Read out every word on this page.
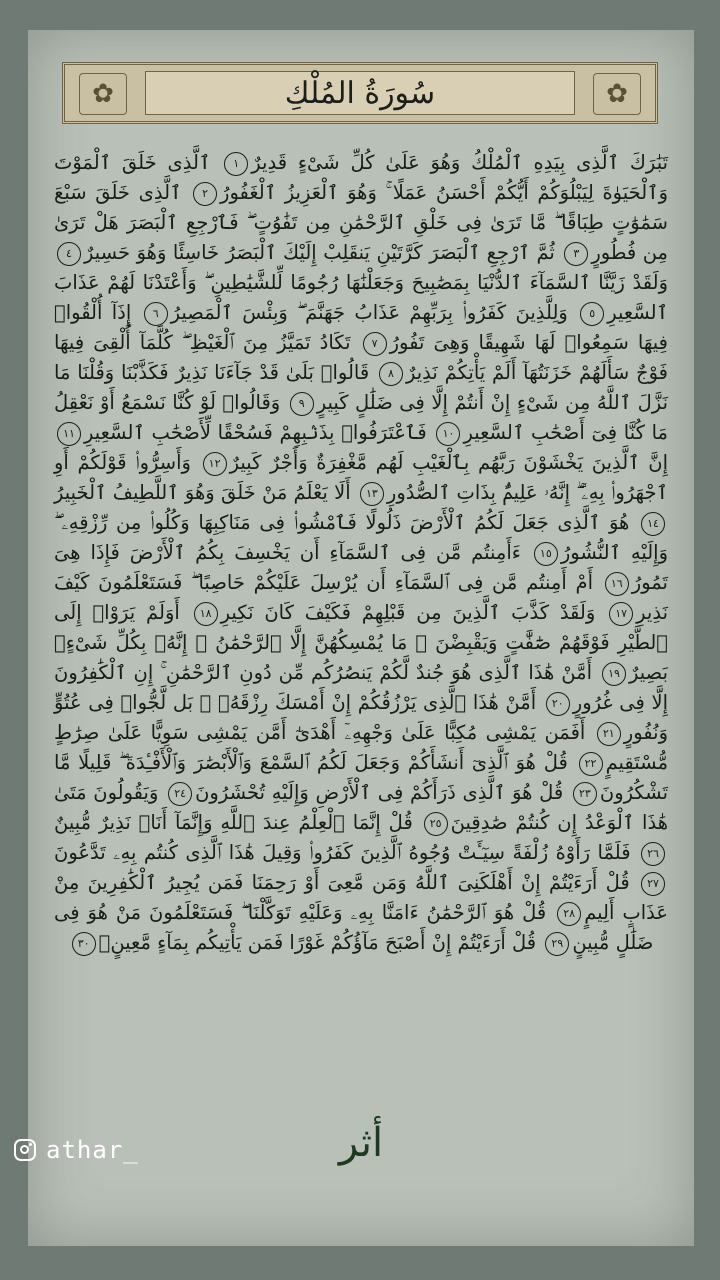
✿	سُورَةُ المُلْكِ	✿
تَبَٰرَكَ ٱلَّذِى بِيَدِهِ ٱلْمُلْكُ وَهُوَ عَلَىٰ كُلِّ شَىْءٍ قَدِيرٌ١ ٱلَّذِى خَلَقَ ٱلْمَوْتَ وَٱلْحَيَوٰةَ لِيَبْلُوَكُمْ أَيُّكُمْ أَحْسَنُ عَمَلًا ۚ وَهُوَ ٱلْعَزِيزُ ٱلْغَفُورُ٢ ٱلَّذِى خَلَقَ سَبْعَ سَمَٰوَٰتٍ طِبَاقًا ۖ مَّا تَرَىٰ فِى خَلْقِ ٱلرَّحْمَٰنِ مِن تَفَٰوُتٍ ۖ فَٱرْجِعِ ٱلْبَصَرَ هَلْ تَرَىٰ مِن فُطُورٍ٣ ثُمَّ ٱرْجِعِ ٱلْبَصَرَ كَرَّتَيْنِ يَنقَلِبْ إِلَيْكَ ٱلْبَصَرُ خَاسِئًا وَهُوَ حَسِيرٌ٤ وَلَقَدْ زَيَّنَّا ٱلسَّمَآءَ ٱلدُّنْيَا بِمَصَٰبِيحَ وَجَعَلْنَٰهَا رُجُومًا لِّلشَّيَٰطِينِ ۖ وَأَعْتَدْنَا لَهُمْ عَذَابَ ٱلسَّعِيرِ٥ وَلِلَّذِينَ كَفَرُوا۟ بِرَبِّهِمْ عَذَابُ جَهَنَّمَ ۖ وَبِئْسَ ٱلْمَصِيرُ٦ إِذَآ أُلْقُوا۟ فِيهَا سَمِعُوا۟ لَهَا شَهِيقًا وَهِىَ تَفُورُ٧ تَكَادُ تَمَيَّزُ مِنَ ٱلْغَيْظِ ۖ كُلَّمَآ أُلْقِىَ فِيهَا فَوْجٌ سَأَلَهُمْ خَزَنَتُهَآ أَلَمْ يَأْتِكُمْ نَذِيرٌ٨ قَالُوا۟ بَلَىٰ قَدْ جَآءَنَا نَذِيرٌ فَكَذَّبْنَا وَقُلْنَا مَا نَزَّلَ ٱللَّهُ مِن شَىْءٍ إِنْ أَنتُمْ إِلَّا فِى ضَلَٰلٍ كَبِيرٍ٩ وَقَالُوا۟ لَوْ كُنَّا نَسْمَعُ أَوْ نَعْقِلُ مَا كُنَّا فِىٓ أَصْحَٰبِ ٱلسَّعِيرِ١٠ فَٱعْتَرَفُوا۟ بِذَنۢبِهِمْ فَسُحْقًا لِّأَصْحَٰبِ ٱلسَّعِيرِ١١ إِنَّ ٱلَّذِينَ يَخْشَوْنَ رَبَّهُم بِٱلْغَيْبِ لَهُم مَّغْفِرَةٌ وَأَجْرٌ كَبِيرٌ١٢ وَأَسِرُّوا۟ قَوْلَكُمْ أَوِ ٱجْهَرُوا۟ بِهِۦٓ ۖ إِنَّهُۥ عَلِيمٌۢ بِذَاتِ ٱلصُّدُورِ١٣ أَلَا يَعْلَمُ مَنْ خَلَقَ وَهُوَ ٱللَّطِيفُ ٱلْخَبِيرُ١٤ هُوَ ٱلَّذِى جَعَلَ لَكُمُ ٱلْأَرْضَ ذَلُولًا فَٱمْشُوا۟ فِى مَنَاكِبِهَا وَكُلُوا۟ مِن رِّزْقِهِۦ ۖ وَإِلَيْهِ ٱلنُّشُورُ١٥ ءَأَمِنتُم مَّن فِى ٱلسَّمَآءِ أَن يَخْسِفَ بِكُمُ ٱلْأَرْضَ فَإِذَا هِىَ تَمُورُ١٦ أَمْ أَمِنتُم مَّن فِى ٱلسَّمَآءِ أَن يُرْسِلَ عَلَيْكُمْ حَاصِبًا ۖ فَسَتَعْلَمُونَ كَيْفَ نَذِيرِ١٧ وَلَقَدْ كَذَّبَ ٱلَّذِينَ مِن قَبْلِهِمْ فَكَيْفَ كَانَ نَكِيرِ١٨ أَوَلَمْ يَرَوْا۟ إِلَى ٱلطَّيْرِ فَوْقَهُمْ صَٰٓفَّٰتٍ وَيَقْبِضْنَ ۚ مَا يُمْسِكُهُنَّ إِلَّا ٱلرَّحْمَٰنُ ۚ إِنَّهُۥ بِكُلِّ شَىْءٍۭ بَصِيرٌ١٩ أَمَّنْ هَٰذَا ٱلَّذِى هُوَ جُندٌ لَّكُمْ يَنصُرُكُم مِّن دُونِ ٱلرَّحْمَٰنِ ۚ إِنِ ٱلْكَٰفِرُونَ إِلَّا فِى غُرُورٍ٢٠ أَمَّنْ هَٰذَا ٱلَّذِى يَرْزُقُكُمْ إِنْ أَمْسَكَ رِزْقَهُۥ ۚ بَل لَّجُّوا۟ فِى عُتُوٍّ وَنُفُورٍ٢١ أَفَمَن يَمْشِى مُكِبًّا عَلَىٰ وَجْهِهِۦٓ أَهْدَىٰٓ أَمَّن يَمْشِى سَوِيًّا عَلَىٰ صِرَٰطٍ مُّسْتَقِيمٍ٢٢ قُلْ هُوَ ٱلَّذِىٓ أَنشَأَكُمْ وَجَعَلَ لَكُمُ ٱلسَّمْعَ وَٱلْأَبْصَٰرَ وَٱلْأَفْـِٔدَةَ ۖ قَلِيلًا مَّا تَشْكُرُونَ٢٣ قُلْ هُوَ ٱلَّذِى ذَرَأَكُمْ فِى ٱلْأَرْضِ وَإِلَيْهِ تُحْشَرُونَ٢٤ وَيَقُولُونَ مَتَىٰ هَٰذَا ٱلْوَعْدُ إِن كُنتُمْ صَٰدِقِينَ٢٥ قُلْ إِنَّمَا ٱلْعِلْمُ عِندَ ٱللَّهِ وَإِنَّمَآ أَنَا۠ نَذِيرٌ مُّبِينٌ٢٦ فَلَمَّا رَأَوْهُ زُلْفَةً سِيٓـَٔتْ وُجُوهُ ٱلَّذِينَ كَفَرُوا۟ وَقِيلَ هَٰذَا ٱلَّذِى كُنتُم بِهِۦ تَدَّعُونَ٢٧ قُلْ أَرَءَيْتُمْ إِنْ أَهْلَكَنِىَ ٱللَّهُ وَمَن مَّعِىَ أَوْ رَحِمَنَا فَمَن يُجِيرُ ٱلْكَٰفِرِينَ مِنْ عَذَابٍ أَلِيمٍ٢٨ قُلْ هُوَ ٱلرَّحْمَٰنُ ءَامَنَّا بِهِۦ وَعَلَيْهِ تَوَكَّلْنَا ۖ فَسَتَعْلَمُونَ مَنْ هُوَ فِى ضَلَٰلٍ مُّبِينٍ٢٩ قُلْ أَرَءَيْتُمْ إِنْ أَصْبَحَ مَآؤُكُمْ غَوْرًا فَمَن يَأْتِيكُم بِمَآءٍ مَّعِينٍۭ٣٠
أثر
athar_
